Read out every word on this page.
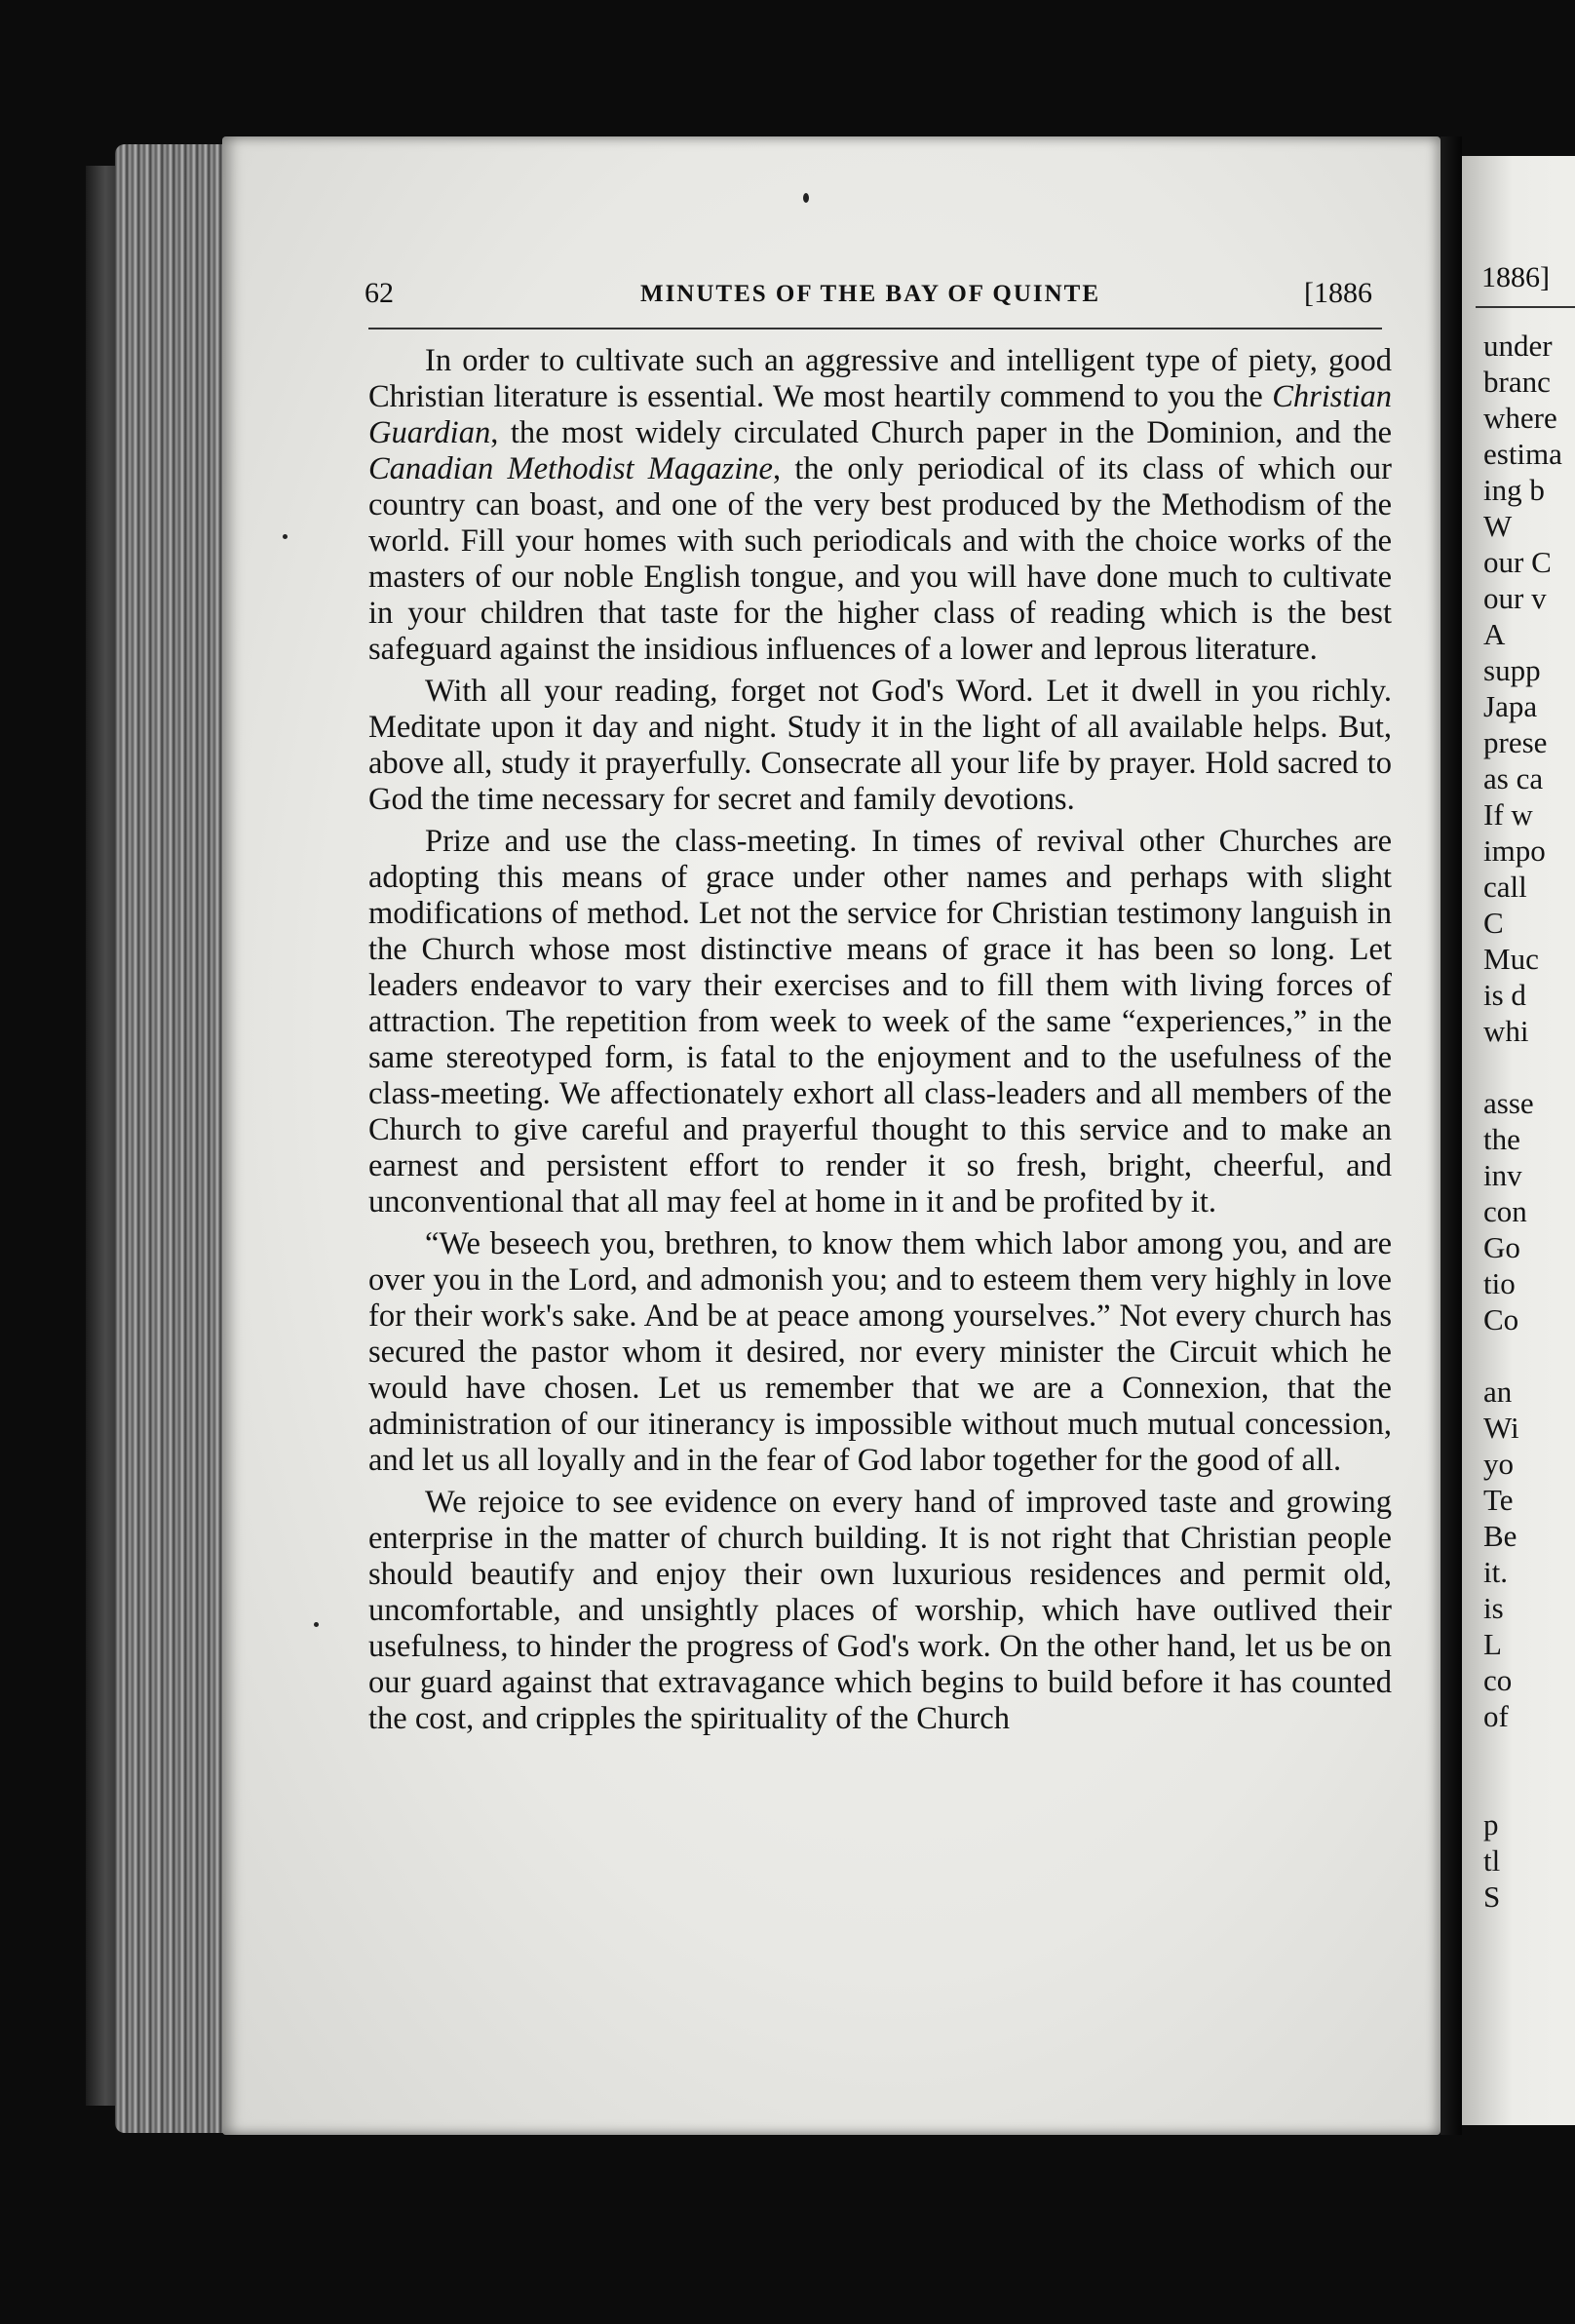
62	MINUTES OF THE BAY OF QUINTE	[1886

In order to cultivate such an aggressive and intelligent type of piety, good Christian literature is essential. We most heartily commend to you the Christian Guardian, the most widely circulated Church paper in the Dominion, and the Canadian Methodist Magazine, the only periodical of its class of which our country can boast, and one of the very best produced by the Methodism of the world. Fill your homes with such periodicals and with the choice works of the masters of our noble English tongue, and you will have done much to cultivate in your children that taste for the higher class of reading which is the best safeguard against the insidious influences of a lower and leprous literature.

With all your reading, forget not God's Word. Let it dwell in you richly. Meditate upon it day and night. Study it in the light of all available helps. But, above all, study it prayerfully. Consecrate all your life by prayer. Hold sacred to God the time necessary for secret and family devotions.

Prize and use the class-meeting. In times of revival other Churches are adopting this means of grace under other names and perhaps with slight modifications of method. Let not the service for Christian testimony languish in the Church whose most distinctive means of grace it has been so long. Let leaders endeavor to vary their exercises and to fill them with living forces of attraction. The repetition from week to week of the same “experiences,” in the same stereotyped form, is fatal to the enjoyment and to the usefulness of the class-meeting. We affectionately exhort all class-leaders and all members of the Church to give careful and prayerful thought to this service and to make an earnest and persistent effort to render it so fresh, bright, cheerful, and unconventional that all may feel at home in it and be profited by it.

“We beseech you, brethren, to know them which labor among you, and are over you in the Lord, and admonish you; and to esteem them very highly in love for their work's sake. And be at peace among yourselves.” Not every church has secured the pastor whom it desired, nor every minister the Circuit which he would have chosen. Let us remember that we are a Connexion, that the administration of our itinerancy is impossible without much mutual concession, and let us all loyally and in the fear of God labor together for the good of all.

We rejoice to see evidence on every hand of improved taste and growing enterprise in the matter of church building. It is not right that Christian people should beautify and enjoy their own luxurious residences and permit old, uncomfortable, and unsightly places of worship, which have outlived their usefulness, to hinder the progress of God's work. On the other hand, let us be on our guard against that extravagance which begins to build before it has counted the cost, and cripples the spirituality of the Church

1886]
under
branc
where
estima
ing b
W
our C
our v
A
supp
Japa
prese
as ca
If w
impo
call
C
Muc
is d
whi

asse
the
inv
con
Go
tio
Co

an
Wi
yo
Te
Be
it.
is
L
co
of

p
tl
S
